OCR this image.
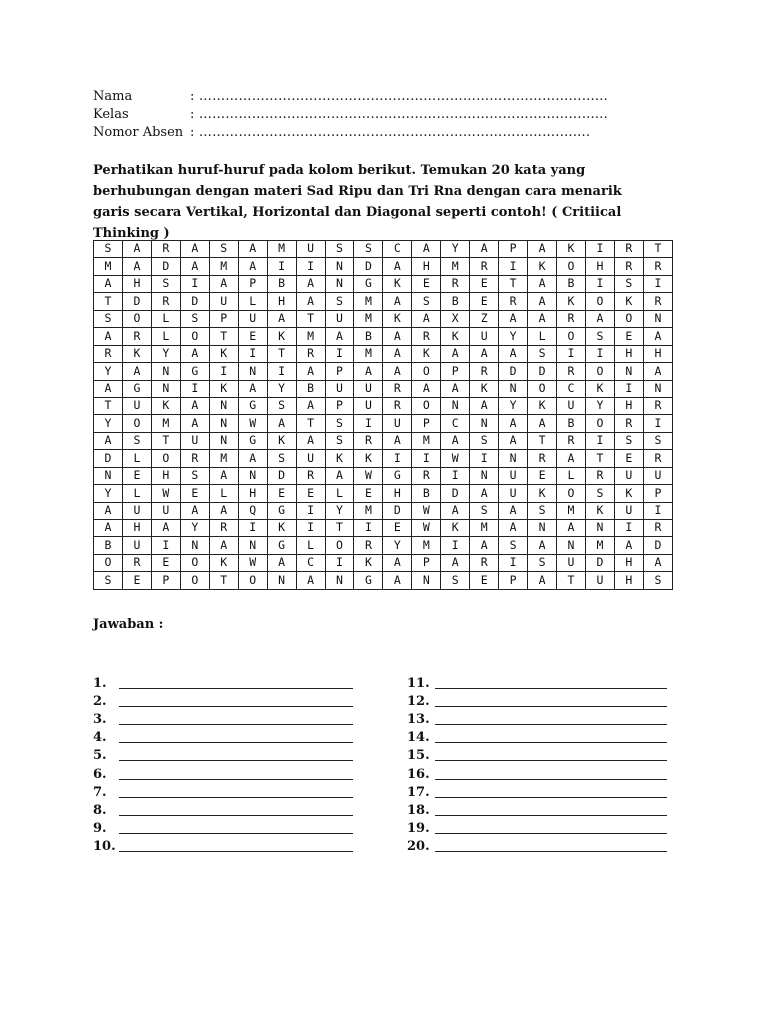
Nama	: ………………………………………………………………………………...
Kelas	: ………………………………………………………………………………...
Nomor Absen : ……………………………………………………………………….…....
Perhatikan huruf-huruf pada kolom berikut. Temukan 20 kata yang berhubungan dengan materi Sad Ripu dan Tri Rna dengan cara menarik garis secara Vertikal, Horizontal dan Diagonal seperti contoh! ( Critiical Thinking )
S	A	R	A	S	A	M	U	S	S	C	A	Y	A	P	A	K	I	R	T
M	A	D	A	M	A	I	I	N	D	A	H	M	R	I	K	O	H	R	R
A	H	S	I	A	P	B	A	N	G	K	E	R	E	T	A	B	I	S	I
T	D	R	D	U	L	H	A	S	M	A	S	B	E	R	A	K	O	K	R
S	O	L	S	P	U	A	T	U	M	K	A	X	Z	A	A	R	A	O	N
A	R	L	O	T	E	K	M	A	B	A	R	K	U	Y	L	O	S	E	A
R	K	Y	A	K	I	T	R	I	M	A	K	A	A	A	S	I	I	H	H
Y	A	N	G	I	N	I	A	P	A	A	O	P	R	D	D	R	O	N	A
A	G	N	I	K	A	Y	B	U	U	R	A	A	K	N	O	C	K	I	N
T	U	K	A	N	G	S	A	P	U	R	O	N	A	Y	K	U	Y	H	R
Y	O	M	A	N	W	A	T	S	I	U	P	C	N	A	A	B	O	R	I
A	S	T	U	N	G	K	A	S	R	A	M	A	S	A	T	R	I	S	S
D	L	O	R	M	A	S	U	K	K	I	I	W	I	N	R	A	T	E	R
N	E	H	S	A	N	D	R	A	W	G	R	I	N	U	E	L	R	U	U
Y	L	W	E	L	H	E	E	L	E	H	B	D	A	U	K	O	S	K	P
A	U	U	A	A	Q	G	I	Y	M	D	W	A	S	A	S	M	K	U	I
A	H	A	Y	R	I	K	I	T	I	E	W	K	M	A	N	A	N	I	R
B	U	I	N	A	N	G	L	O	R	Y	M	I	A	S	A	N	M	A	D
O	R	E	O	K	W	A	C	I	K	A	P	A	R	I	S	U	D	H	A
S	E	P	O	T	O	N	A	N	G	A	N	S	E	P	A	T	U	H	S
Jawaban :
1.
2.
3.
4.
5.
6.
7.
8.
9.
10.
11.
12.
13.
14.
15.
16.
17.
18.
19.
20.
